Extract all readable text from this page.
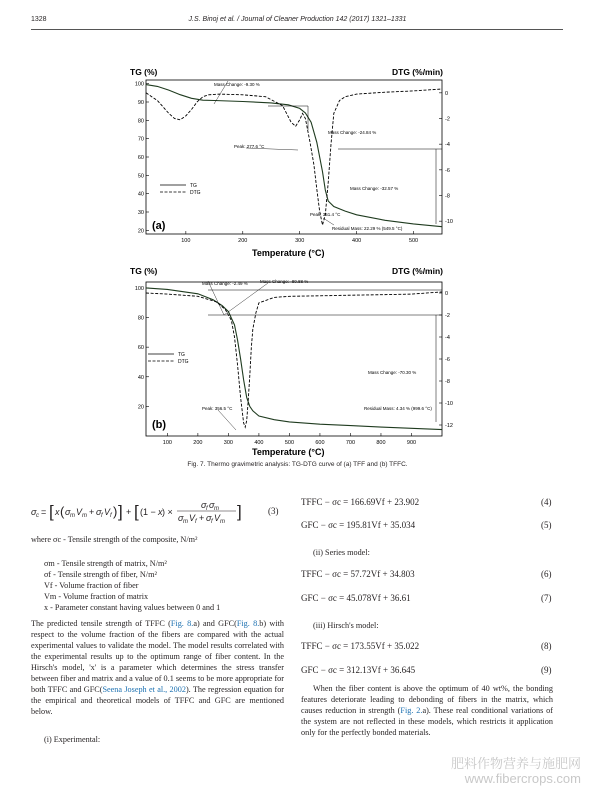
1328	J.S. Binoj et al. / Journal of Cleaner Production 142 (2017) 1321–1331
100	200	300	400	500
100
90
80
70
60
50
40
30
20
0
-2
-4
-6
-8
-10
TG (%)	DTG (%/min)
Temperature (°C)
(a)
Mass Change: -9.30 %
Peak: 277.6 °C
Mass Change: -24.84 %
Mass Change: -32.57 %
Peak: 351.4 °C
Residual Mass: 22.29 % (549.5 °C)
TG
DTG
100	200	300	400	500	600	700	800	900
100
80
60
40
20
0
-2
-4
-6
-8
-10
-12
TG (%)	DTG (%/min)
Temperature (°C)
(b)
Mass Change: -2.49 %	Mass Change: -80.88 %
Mass Change: -70.30 %
Peak: 356.5 °C	Residual Mass: 4.34 % (999.6 °C)
TG
DTG
Fig. 7. Thermo gravimetric analysis: TG-DTG curve of (a) TFF and (b) TFFC.
σ c = [ x ( σ m V m + σ f V f ) ] + [ (1 − x ) ×
σ f σ m
σ m V f + σ f V m
]	(3)
where σc - Tensile strength of the composite, N/m²
σm - Tensile strength of matrix, N/m²
σf - Tensile strength of fiber, N/m²
Vf - Volume fraction of fiber
Vm - Volume fraction of matrix
x - Parameter constant having values between 0 and 1
The predicted tensile strength of TFFC (Fig. 8.a) and GFC(Fig. 8.b) with respect to the volume fraction of the fibers are compared with the actual experimental values to validate the model. The model results correlated with the experimental results up to the optimum range of fiber content. In the Hirsch's model, 'x' is a parameter which determines the stress transfer between fiber and matrix and a value of 0.1 seems to be more appropriate for both TFFC and GFC(Seena Joseph et al., 2002). The regression equation for the empirical and theoretical models of TFFC and GFC are mentioned below.
(i) Experimental:
TFFC − σc = 166.69Vf + 23.902	(4)
GFC − σc = 195.81Vf + 35.034	(5)
(ii) Series model:
TFFC − σc = 57.72Vf + 34.803	(6)
GFC − σc = 45.078Vf + 36.61	(7)
(iii) Hirsch's model:
TFFC − σc = 173.55Vf + 35.022	(8)
GFC − σc = 312.13Vf + 36.645	(9)
When the fiber content is above the optimum of 40 wt%, the bonding features deteriorate leading to debonding of fibers in the matrix, which causes reduction in strength (Fig. 2.a). These real conditional variations of the system are not reflected in these models, which restricts it application only for the perfectly bonded materials.
肥料作物营养与施肥网
www.fibercrops.com
